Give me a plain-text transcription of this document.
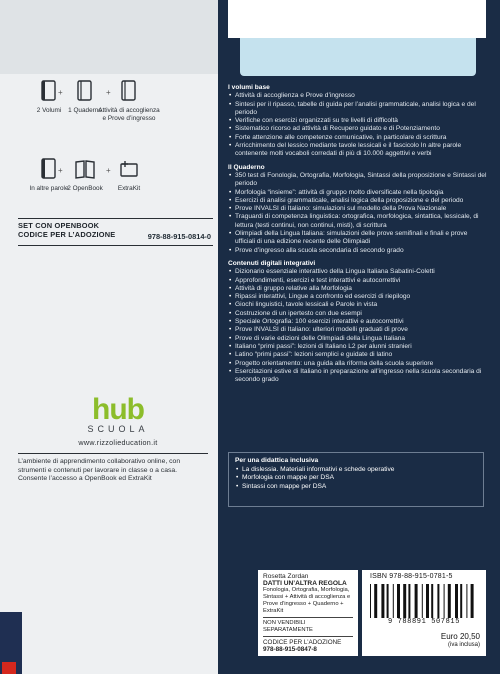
2 Volumi
+
1 Quaderno
+
Attività di accoglienza e Prove d’ingresso
In altre parole
+
2 OpenBook
+
ExtraKit
SET CON OPENBOOK
CODICE PER L’ADOZIONE	978-88-915-0814-0
hub
SCUOLA
www.rizzolieducation.it
L’ambiente di apprendimento collaborativo online, con strumenti e contenuti per lavorare in classe o a casa. Consente l’accesso a OpenBook ed ExtraKit
I volumi base
• Attività di accoglienza e Prove d’ingresso
• Sintesi per il ripasso, tabelle di guida per l’analisi grammaticale, analisi logica e del periodo
• Verifiche con esercizi organizzati su tre livelli di difficoltà
• Sistematico ricorso ad attività di Recupero guidato e di Potenziamento
• Forte attenzione alle competenze comunicative, in particolare di scrittura
• Arricchimento del lessico mediante tavole lessicali e il fascicolo In altre parole contenente molti vocaboli corredati di più di 10.000 aggettivi e verbi
Il Quaderno
• 350 test di Fonologia, Ortografia, Morfologia, Sintassi della proposizione e Sintassi del periodo
• Morfologia “insieme”: attività di gruppo molto diversificate nella tipologia
• Esercizi di analisi grammaticale, analisi logica della proposizione e del periodo
• Prove INVALSI di Italiano: simulazioni sul modello della Prova Nazionale
• Traguardi di competenza linguistica: ortografica, morfologica, sintattica, lessicale, di lettura (testi continui, non continui, misti), di scrittura
• Olimpiadi della Lingua Italiana: simulazioni delle prove semifinali e finali e prove ufficiali di una edizione recente delle Olimpiadi
• Prove d’ingresso alla scuola secondaria di secondo grado
Contenuti digitali integrativi
• Dizionario essenziale interattivo della Lingua Italiana Sabatini-Coletti
• Approfondimenti, esercizi e test interattivi e autocorrettivi
• Attività di gruppo relative alla Morfologia
• Ripassi interattivi, Lingue a confronto ed esercizi di riepilogo
• Giochi linguistici, tavole lessicali e Parole in vista
• Costruzione di un ipertesto con due esempi
• Speciale Ortografia: 100 esercizi interattivi e autocorrettivi
• Prove INVALSI di Italiano: ulteriori modelli graduati di prove
• Prove di varie edizioni delle Olimpiadi della Lingua Italiana
• Italiano “primi passi”: lezioni di Italiano L2 per alunni stranieri
• Latino “primi passi”: lezioni semplici e guidate di latino
• Progetto orientamento: una guida alla riforma della scuola superiore
• Esercitazioni estive di Italiano in preparazione all’ingresso nella scuola secondaria di secondo grado
Per una didattica inclusiva
• La dislessia. Materiali informativi e schede operative
• Morfologia con mappe per DSA
• Sintassi con mappe per DSA
Rosetta Zordan
DATTI UN’ALTRA REGOLA
Fonologia, Ortografia, Morfologia, Sintassi + Attività di accoglienza e Prove d’ingresso + Quaderno + ExtraKit
NON VENDIBILI SEPARATAMENTE
CODICE PER L’ADOZIONE
978-88-915-0847-8
ISBN 978-88-915-0781-5
9 788891 507815
Euro 20,50
(iva inclusa)
